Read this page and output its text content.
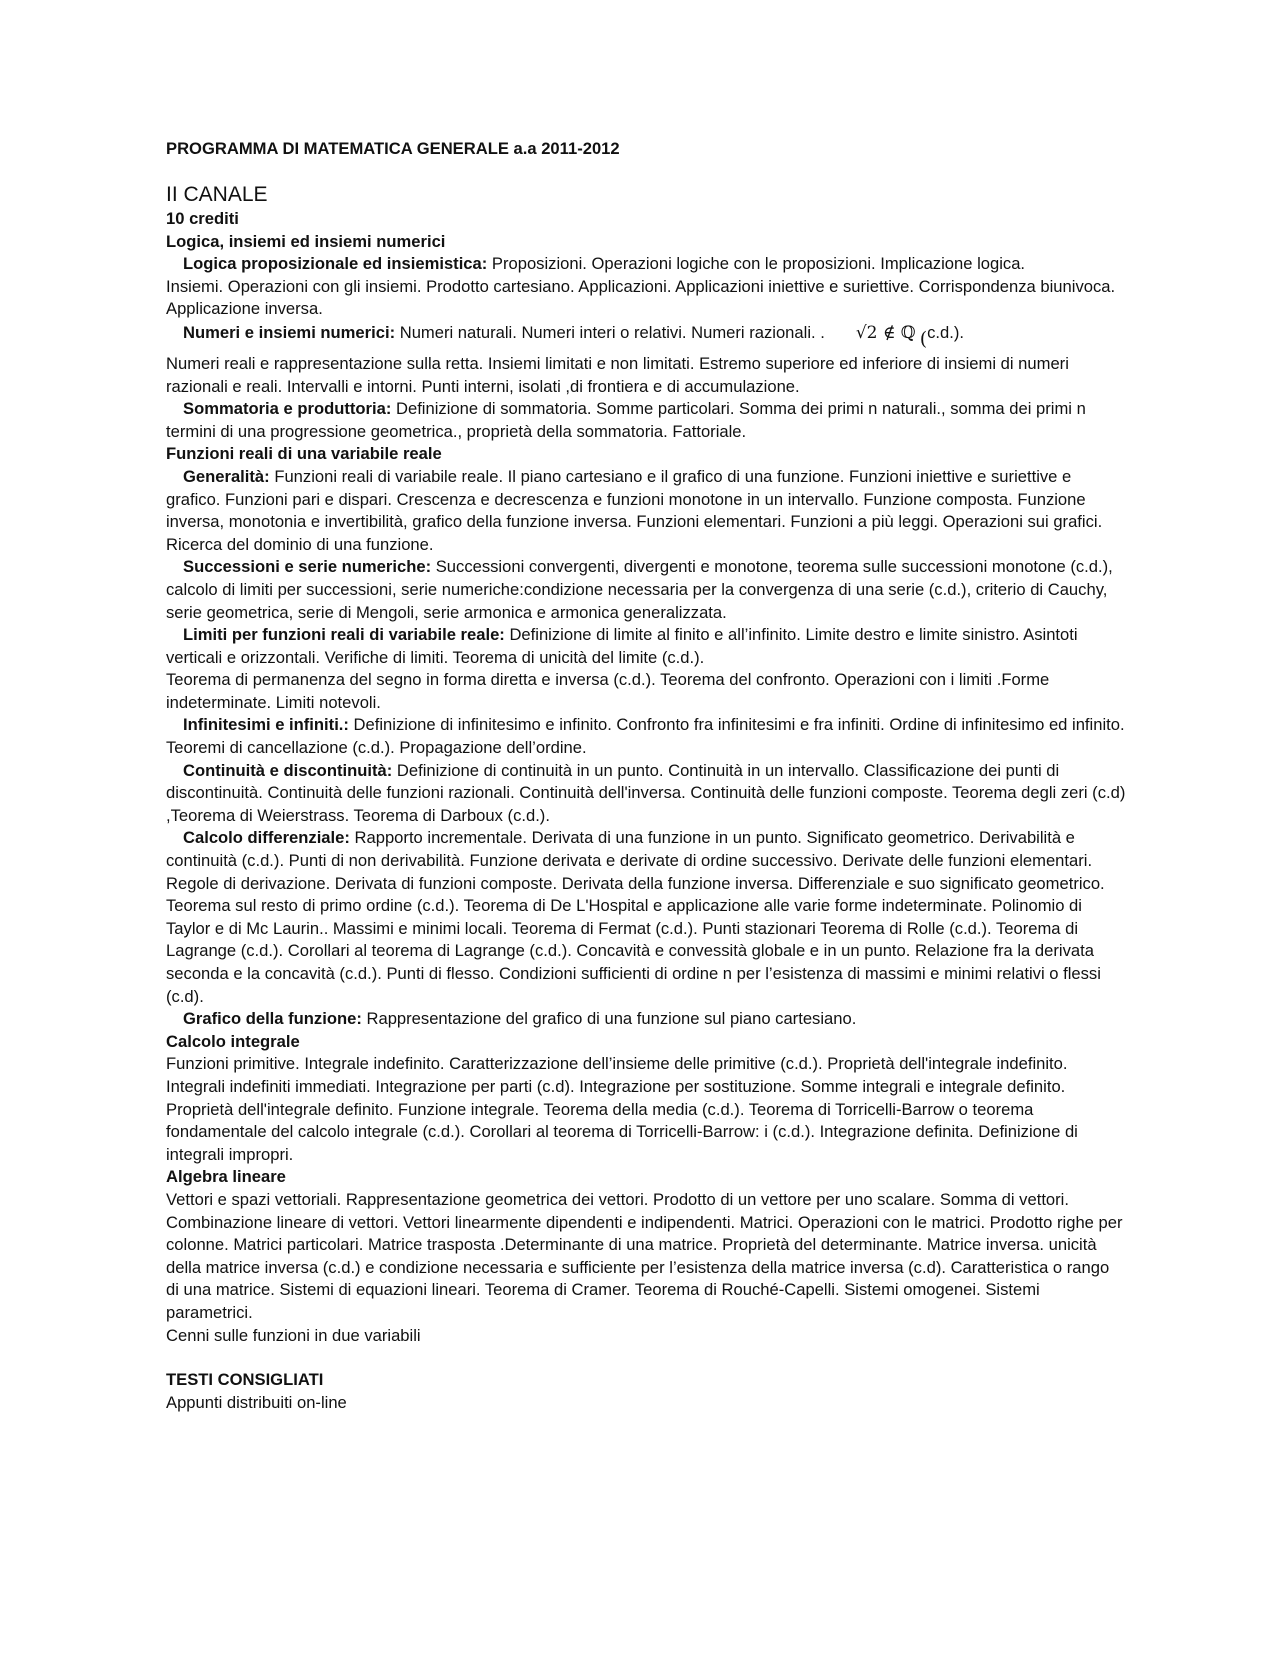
PROGRAMMA DI MATEMATICA GENERALE a.a 2011-2012
II CANALE
10 crediti
Logica, insiemi ed insiemi numerici

Logica proposizionale ed insiemistica: Proposizioni. Operazioni logiche con le proposizioni. Implicazione logica.

Insiemi. Operazioni con gli insiemi. Prodotto cartesiano. Applicazioni. Applicazioni iniettive e suriettive. Corrispondenza biunivoca. Applicazione inversa.

Numeri e insiemi numerici: Numeri naturali. Numeri interi o relativi. Numeri razionali. . √2 ∉ ℚ (c.d.).

Numeri reali e rappresentazione sulla retta. Insiemi limitati e non limitati. Estremo superiore ed inferiore di insiemi di numeri razionali e reali. Intervalli e intorni. Punti interni, isolati ,di frontiera e di accumulazione.

Sommatoria e produttoria: Definizione di sommatoria. Somme particolari. Somma dei primi n naturali., somma dei primi n termini di una progressione geometrica., proprietà della sommatoria. Fattoriale.

Funzioni reali di una variabile reale

Generalità: Funzioni reali di variabile reale. Il piano cartesiano e il grafico di una funzione. Funzioni iniettive e suriettive e grafico. Funzioni pari e dispari. Crescenza e decrescenza e funzioni monotone in un intervallo. Funzione composta. Funzione inversa, monotonia e invertibilità, grafico della funzione inversa. Funzioni elementari. Funzioni a più leggi. Operazioni sui grafici. Ricerca del dominio di una funzione.

Successioni e serie numeriche: Successioni convergenti, divergenti e monotone, teorema sulle successioni monotone (c.d.), calcolo di limiti per successioni, serie numeriche:condizione necessaria per la convergenza di una serie (c.d.), criterio di Cauchy, serie geometrica, serie di Mengoli, serie armonica e armonica generalizzata.

Limiti per funzioni reali di variabile reale: Definizione di limite al finito e all’infinito. Limite destro e limite sinistro. Asintoti verticali e orizzontali. Verifiche di limiti. Teorema di unicità del limite (c.d.).

Teorema di permanenza del segno in forma diretta e inversa (c.d.). Teorema del confronto. Operazioni con i limiti .Forme indeterminate. Limiti notevoli.

Infinitesimi e infiniti.: Definizione di infinitesimo e infinito. Confronto fra infinitesimi e fra infiniti. Ordine di infinitesimo ed infinito. Teoremi di cancellazione (c.d.). Propagazione dell’ordine.

Continuità e discontinuità: Definizione di continuità in un punto. Continuità in un intervallo. Classificazione dei punti di discontinuità. Continuità delle funzioni razionali. Continuità dell'inversa. Continuità delle funzioni composte. Teorema degli zeri (c.d) ,Teorema di Weierstrass. Teorema di Darboux (c.d.).

Calcolo differenziale: Rapporto incrementale. Derivata di una funzione in un punto. Significato geometrico. Derivabilità e continuità (c.d.). Punti di non derivabilità. Funzione derivata e derivate di ordine successivo. Derivate delle funzioni elementari. Regole di derivazione. Derivata di funzioni composte. Derivata della funzione inversa. Differenziale e suo significato geometrico. Teorema sul resto di primo ordine (c.d.). Teorema di De L'Hospital e applicazione alle varie forme indeterminate. Polinomio di Taylor e di Mc Laurin.. Massimi e minimi locali. Teorema di Fermat (c.d.). Punti stazionari Teorema di Rolle (c.d.). Teorema di Lagrange (c.d.). Corollari al teorema di Lagrange (c.d.). Concavità e convessità globale e in un punto. Relazione fra la derivata seconda e la concavità (c.d.). Punti di flesso. Condizioni sufficienti di ordine n per l’esistenza di massimi e minimi relativi o flessi (c.d).

Grafico della funzione: Rappresentazione del grafico di una funzione sul piano cartesiano.

Calcolo integrale

Funzioni primitive. Integrale indefinito. Caratterizzazione dell’insieme delle primitive (c.d.). Proprietà dell'integrale indefinito. Integrali indefiniti immediati. Integrazione per parti (c.d). Integrazione per sostituzione. Somme integrali e integrale definito. Proprietà dell'integrale definito. Funzione integrale. Teorema della media (c.d.). Teorema di Torricelli-Barrow o teorema fondamentale del calcolo integrale (c.d.). Corollari al teorema di Torricelli-Barrow: i (c.d.). Integrazione definita. Definizione di integrali impropri.

Algebra lineare

Vettori e spazi vettoriali. Rappresentazione geometrica dei vettori. Prodotto di un vettore per uno scalare. Somma di vettori. Combinazione lineare di vettori. Vettori linearmente dipendenti e indipendenti. Matrici. Operazioni con le matrici. Prodotto righe per colonne. Matrici particolari. Matrice trasposta .Determinante di una matrice. Proprietà del determinante. Matrice inversa. unicità della matrice inversa (c.d.) e condizione necessaria e sufficiente per l’esistenza della matrice inversa (c.d). Caratteristica o rango di una matrice. Sistemi di equazioni lineari. Teorema di Cramer. Teorema di Rouché-Capelli. Sistemi omogenei. Sistemi parametrici.

Cenni sulle funzioni in due variabili

TESTI CONSIGLIATI

Appunti distribuiti on-line
